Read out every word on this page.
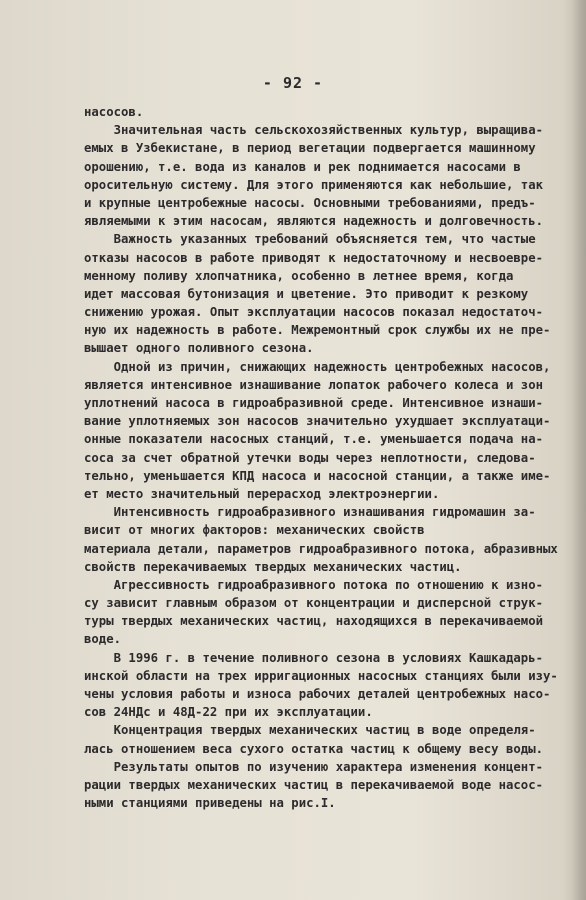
- 92 -
насосов.
Значительная часть сельскохозяйственных культур, выращива-
емых в Узбекистане, в период вегетации подвергается машинному
орошению, т.е. вода из каналов и рек поднимается насосами в
оросительную систему. Для этого применяются как небольшие, так
и крупные центробежные насосы. Основными требованиями, предъ-
являемыми к этим насосам, являются надежность и долговечность.
Важность указанных требований объясняется тем, что частые
отказы насосов в работе приводят к недостаточному и несвоевре-
менному поливу хлопчатника, особенно в летнее время, когда
идет массовая бутонизация и цветение. Это приводит к резкому
снижению урожая. Опыт эксплуатации насосов показал недостаточ-
ную их надежность в работе. Межремонтный срок службы их не пре-
вышает одного поливного сезона.
Одной из причин, снижающих надежность центробежных насосов,
является интенсивное изнашивание лопаток рабочего колеса и зон
уплотнений насоса в гидроабразивной среде. Интенсивное изнаши-
вание уплотняемых зон насосов значительно ухудшает эксплуатаци-
онные показатели насосных станций, т.е. уменьшается подача на-
соса за счет обратной утечки воды через неплотности, следова-
тельно, уменьшается КПД насоса и насосной станции, а также име-
ет место значительный перерасход электроэнергии.
Интенсивность гидроабразивного изнашивания гидромашин за-
висит от многих факторов: механических свойств
материала детали, параметров гидроабразивного потока, абразивных
свойств перекачиваемых твердых механических частиц.
Агрессивность гидроабразивного потока по отношению к изно-
су зависит главным образом от концентрации и дисперсной струк-
туры твердых механических частиц, находящихся в перекачиваемой
воде.
В 1996 г. в течение поливного сезона в условиях Кашкадарь-
инской области на трех ирригационных насосных станциях были изу-
чены условия работы и износа рабочих деталей центробежных насо-
сов 24НДс и 48Д-22 при их эксплуатации.
Концентрация твердых механических частиц в воде определя-
лась отношением веса сухого остатка частиц к общему весу воды.
Результаты опытов по изучению характера изменения концент-
рации твердых механических частиц в перекачиваемой воде насос-
ными станциями приведены на рис.I.
